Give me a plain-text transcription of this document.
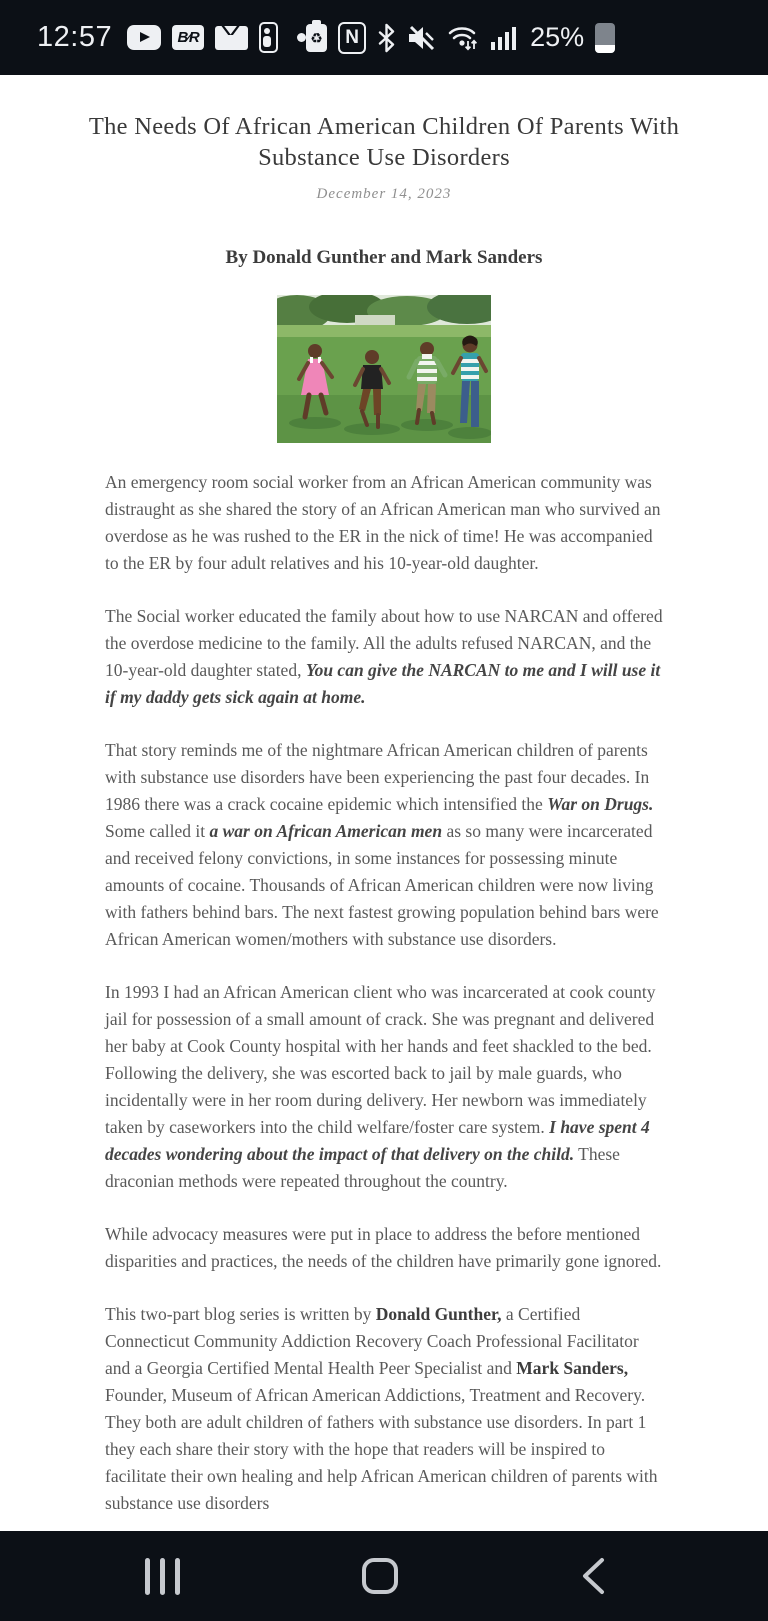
12:57	B⁄R	♻	N	25%
The Needs Of African American Children Of Parents With Substance Use Disorders
December 14, 2023
By Donald Gunther and Mark Sanders

An emergency room social worker from an African American community was distraught as she shared the story of an African American man who survived an overdose as he was rushed to the ER in the nick of time! He was accompanied to the ER by four adult relatives and his 10-year-old daughter.

The Social worker educated the family about how to use NARCAN and offered the overdose medicine to the family. All the adults refused NARCAN, and the 10-year-old daughter stated, You can give the NARCAN to me and I will use it if my daddy gets sick again at home.

That story reminds me of the nightmare African American children of parents with substance use disorders have been experiencing the past four decades. In 1986 there was a crack cocaine epidemic which intensified the War on Drugs. Some called it a war on African American men as so many were incarcerated and received felony convictions, in some instances for possessing minute amounts of cocaine. Thousands of African American children were now living with fathers behind bars. The next fastest growing population behind bars were African American women/mothers with substance use disorders.

In 1993 I had an African American client who was incarcerated at cook county jail for possession of a small amount of crack. She was pregnant and delivered her baby at Cook County hospital with her hands and feet shackled to the bed. Following the delivery, she was escorted back to jail by male guards, who incidentally were in her room during delivery. Her newborn was immediately taken by caseworkers into the child welfare/foster care system. I have spent 4 decades wondering about the impact of that delivery on the child. These draconian methods were repeated throughout the country.

While advocacy measures were put in place to address the before mentioned disparities and practices, the needs of the children have primarily gone ignored.

This two-part blog series is written by Donald Gunther, a Certified Connecticut Community Addiction Recovery Coach Professional Facilitator and a Georgia Certified Mental Health Peer Specialist and Mark Sanders, Founder, Museum of African American Addictions, Treatment and Recovery. They both are adult children of fathers with substance use disorders. In part 1 they each share their story with the hope that readers will be inspired to facilitate their own healing and help African American children of parents with substance use disorders
